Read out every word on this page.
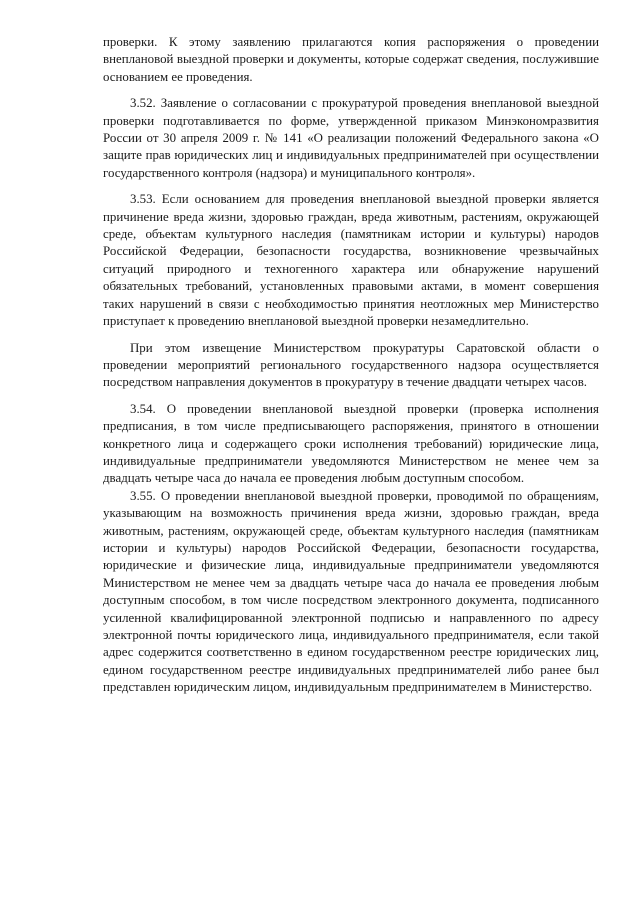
проверки. К этому заявлению прилагаются копия распоряжения о проведении внеплановой выездной проверки и документы, которые содержат сведения, послужившие основанием ее проведения.

3.52. Заявление о согласовании с прокуратурой проведения внеплановой выездной проверки подготавливается по форме, утвержденной приказом Минэкономразвития России от 30 апреля 2009 г. № 141 «О реализации положений Федерального закона «О защите прав юридических лиц и индивидуальных предпринимателей при осуществлении государственного контроля (надзора) и муниципального контроля».

3.53. Если основанием для проведения внеплановой выездной проверки является причинение вреда жизни, здоровью граждан, вреда животным, растениям, окружающей среде, объектам культурного наследия (памятникам истории и культуры) народов Российской Федерации, безопасности государства, возникновение чрезвычайных ситуаций природного и техногенного характера или обнаружение нарушений обязательных требований, установленных правовыми актами, в момент совершения таких нарушений в связи с необходимостью принятия неотложных мер Министерство приступает к проведению внеплановой выездной проверки незамедлительно.

При этом извещение Министерством прокуратуры Саратовской области о проведении мероприятий регионального государственного надзора осуществляется посредством направления документов в прокуратуру в течение двадцати четырех часов.

3.54. О проведении внеплановой выездной проверки (проверка исполнения предписания, в том числе предписывающего распоряжения, принятого в отношении конкретного лица и содержащего сроки исполнения требований) юридические лица, индивидуальные предприниматели уведомляются Министерством не менее чем за двадцать четыре часа до начала ее проведения любым доступным способом.

3.55. О проведении внеплановой выездной проверки, проводимой по обращениям, указывающим на возможность причинения вреда жизни, здоровью граждан, вреда животным, растениям, окружающей среде, объектам культурного наследия (памятникам истории и культуры) народов Российской Федерации, безопасности государства, юридические и физические лица, индивидуальные предприниматели уведомляются Министерством не менее чем за двадцать четыре часа до начала ее проведения любым доступным способом, в том числе посредством электронного документа, подписанного усиленной квалифицированной электронной подписью и направленного по адресу электронной почты юридического лица, индивидуального предпринимателя, если такой адрес содержится соответственно в едином государственном реестре юридических лиц, едином государственном реестре индивидуальных предпринимателей либо ранее был представлен юридическим лицом, индивидуальным предпринимателем в Министерство.
